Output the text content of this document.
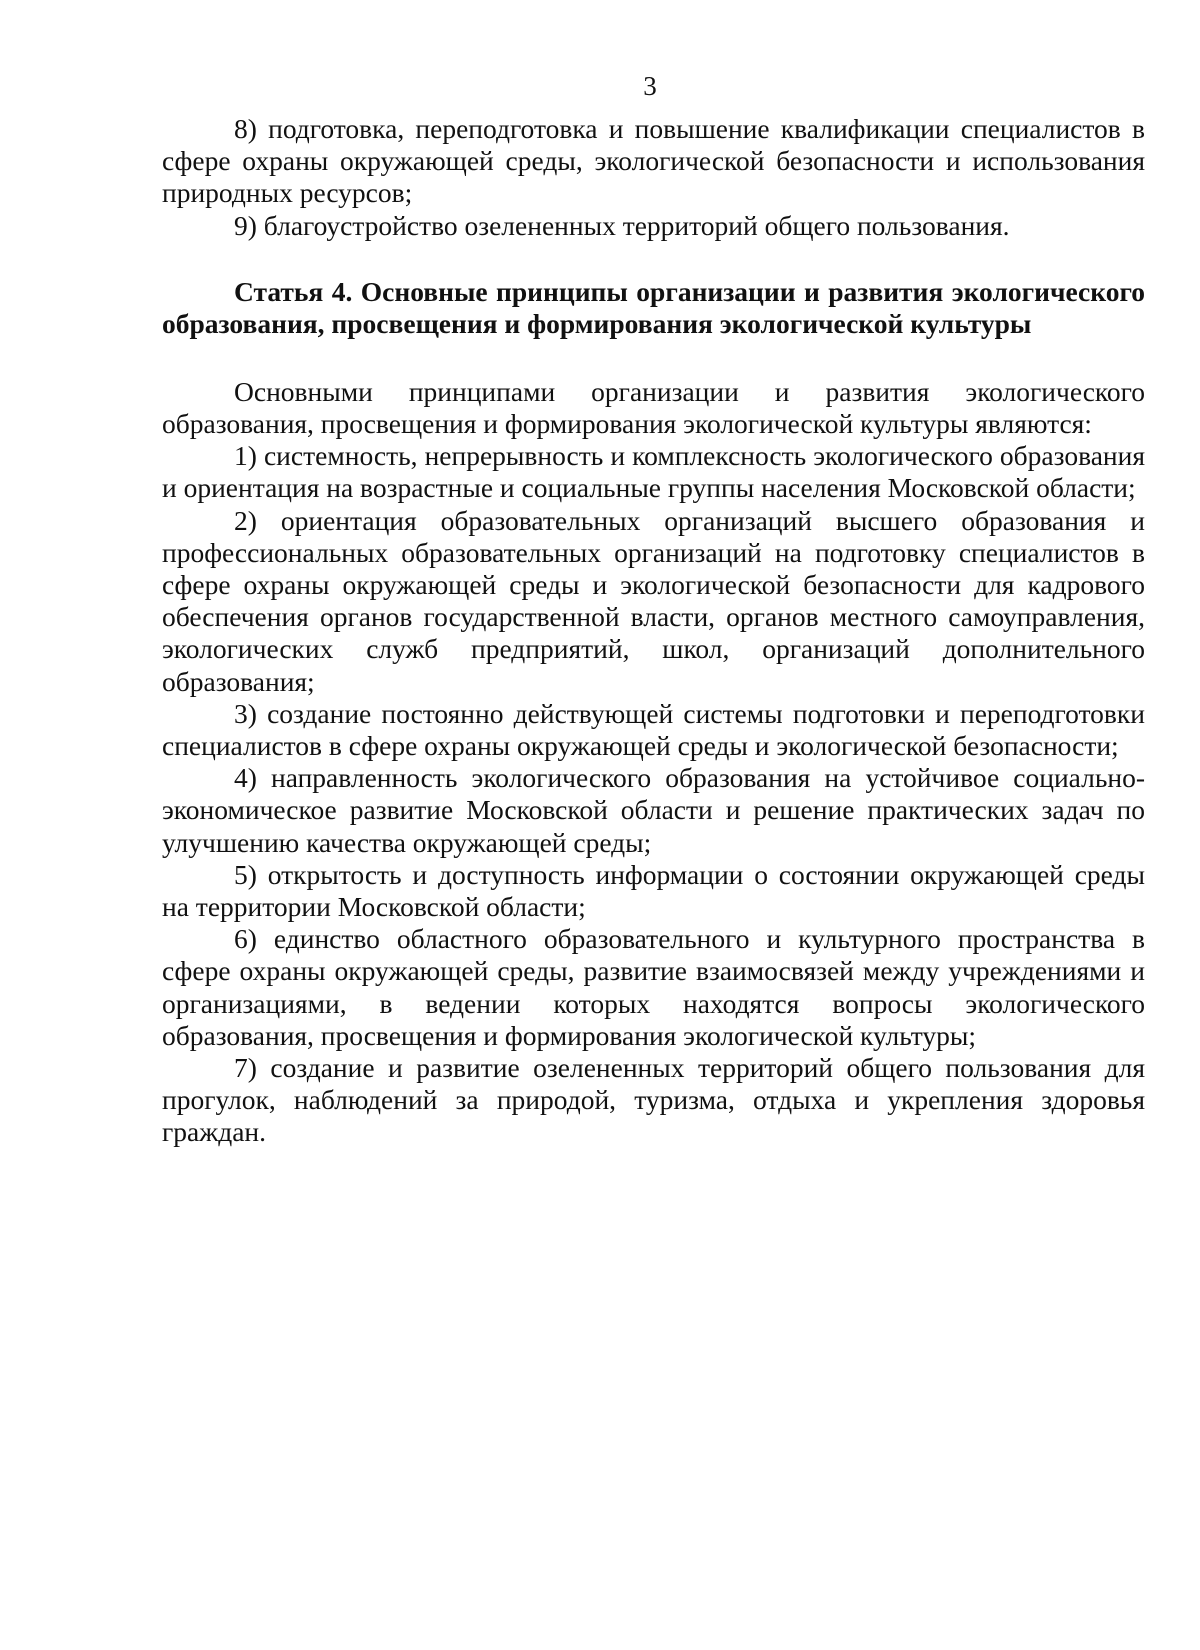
3

8) подготовка, переподготовка и повышение квалификации специалистов в сфере охраны окружающей среды, экологической безопасности и использования природных ресурсов;

9) благоустройство озелененных территорий общего пользования.

Статья 4. Основные принципы организации и развития экологического образования, просвещения и формирования экологической культуры

Основными принципами организации и развития экологического образования, просвещения и формирования экологической культуры являются:

1) системность, непрерывность и комплексность экологического образования и ориентация на возрастные и социальные группы населения Московской области;

2) ориентация образовательных организаций высшего образования и профессиональных образовательных организаций на подготовку специалистов в сфере охраны окружающей среды и экологической безопасности для кадрового обеспечения органов государственной власти, органов местного самоуправления, экологических служб предприятий, школ, организаций дополнительного образования;

3) создание постоянно действующей системы подготовки и переподготовки специалистов в сфере охраны окружающей среды и экологической безопасности;

4) направленность экологического образования на устойчивое социально-экономическое развитие Московской области и решение практических задач по улучшению качества окружающей среды;

5) открытость и доступность информации о состоянии окружающей среды на территории Московской области;

6) единство областного образовательного и культурного пространства в сфере охраны окружающей среды, развитие взаимосвязей между учреждениями и организациями, в ведении которых находятся вопросы экологического образования, просвещения и формирования экологической культуры;

7) создание и развитие озелененных территорий общего пользования для прогулок, наблюдений за природой, туризма, отдыха и укрепления здоровья граждан.
